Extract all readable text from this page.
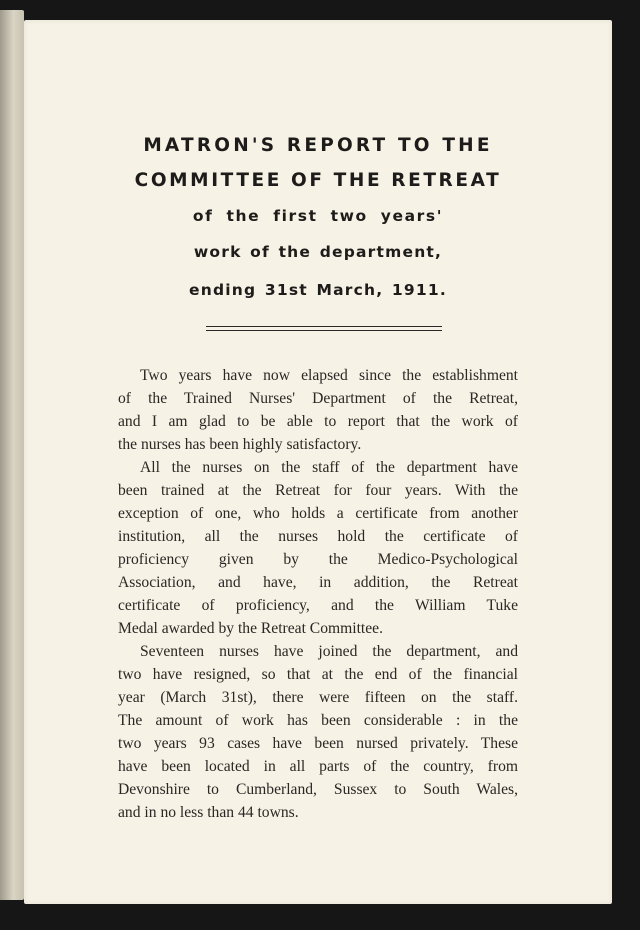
MATRON'S REPORT TO THE
COMMITTEE OF THE RETREAT
of the first two years'
work of the department,
ending 31st March, 1911.
Two years have now elapsed since the establishment
of the Trained Nurses' Department of the Retreat,
and I am glad to be able to report that the work of
the nurses has been highly satisfactory.
All the nurses on the staff of the department have
been trained at the Retreat for four years. With the
exception of one, who holds a certificate from another
institution, all the nurses hold the certificate of
proficiency given by the Medico-Psychological
Association, and have, in addition, the Retreat
certificate of proficiency, and the William Tuke
Medal awarded by the Retreat Committee.
Seventeen nurses have joined the department, and
two have resigned, so that at the end of the financial
year (March 31st), there were fifteen on the staff.
The amount of work has been considerable : in the
two years 93 cases have been nursed privately. These
have been located in all parts of the country, from
Devonshire to Cumberland, Sussex to South Wales,
and in no less than 44 towns.
